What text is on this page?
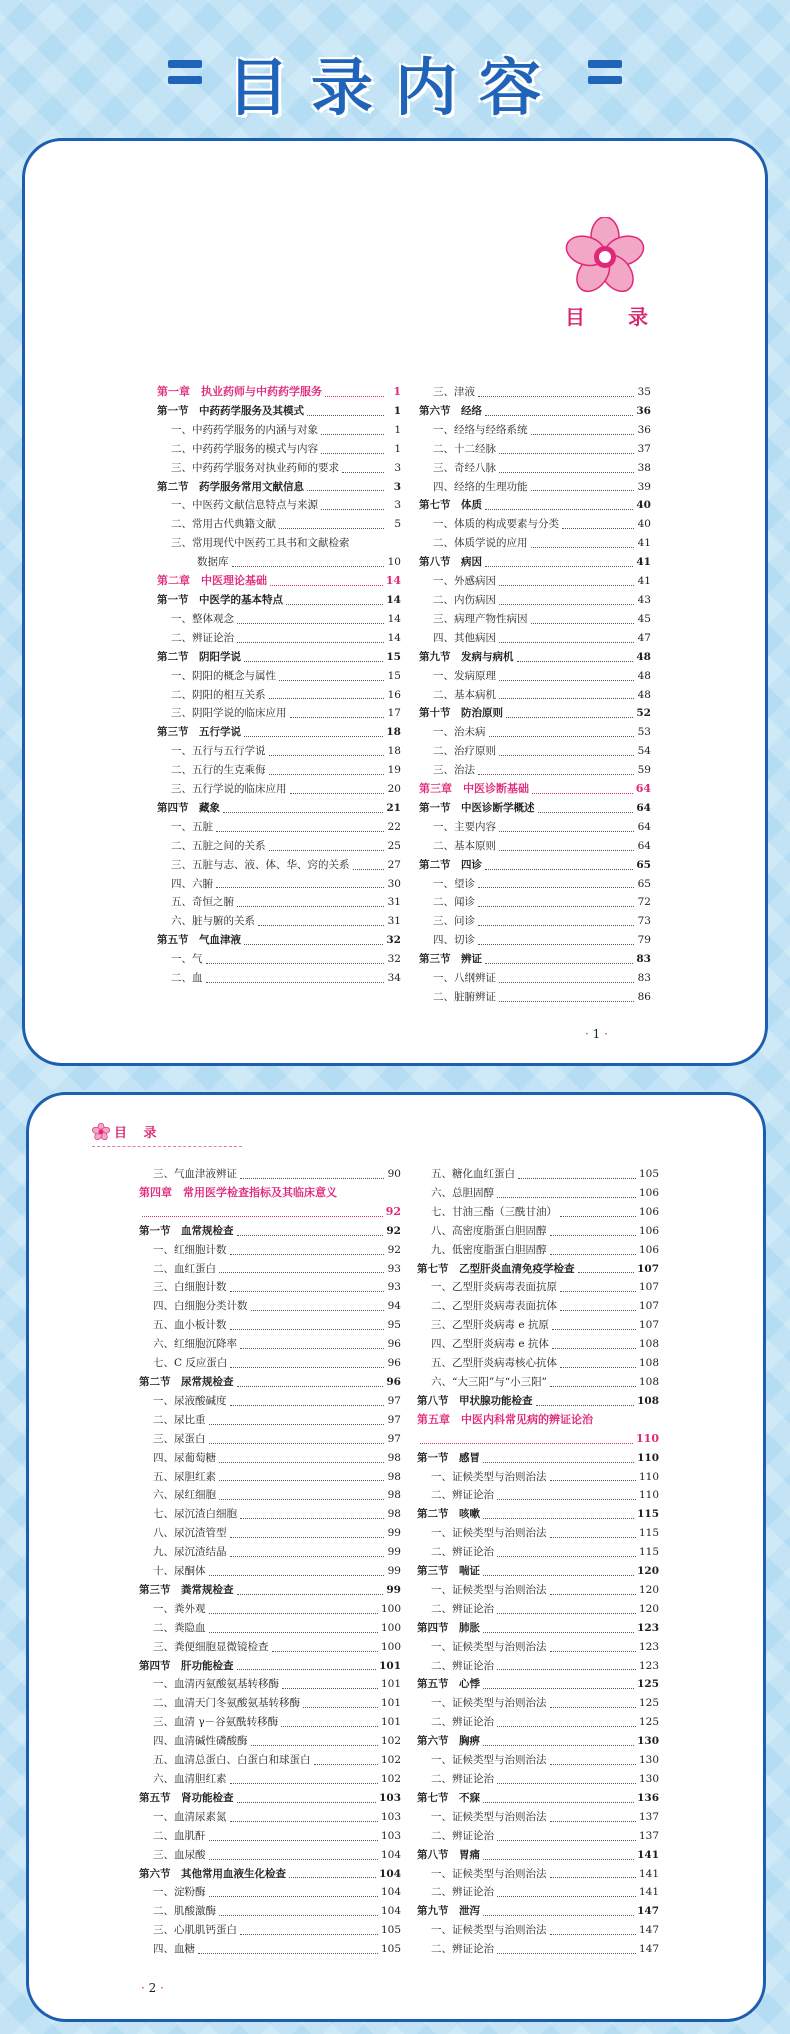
目录内容
目 录
第一章　执业药师与中药药学服务	1
第一节　中药药学服务及其模式	1
一、中药药学服务的内涵与对象	1
二、中药药学服务的模式与内容	1
三、中药药学服务对执业药师的要求	3
第二节　药学服务常用文献信息	3
一、中医药文献信息特点与来源	3
二、常用古代典籍文献	5
三、常用现代中医药工具书和文献检索
数据库	10
第二章　中医理论基础	14
第一节　中医学的基本特点	14
一、整体观念	14
二、辨证论治	14
第二节　阴阳学说	15
一、阴阳的概念与属性	15
二、阴阳的相互关系	16
三、阴阳学说的临床应用	17
第三节　五行学说	18
一、五行与五行学说	18
二、五行的生克乘侮	19
三、五行学说的临床应用	20
第四节　藏象	21
一、五脏	22
二、五脏之间的关系	25
三、五脏与志、液、体、华、窍的关系	27
四、六腑	30
五、奇恒之腑	31
六、脏与腑的关系	31
第五节　气血津液	32
一、气	32
二、血	34
三、津液	35
第六节　经络	36
一、经络与经络系统	36
二、十二经脉	37
三、奇经八脉	38
四、经络的生理功能	39
第七节　体质	40
一、体质的构成要素与分类	40
二、体质学说的应用	41
第八节　病因	41
一、外感病因	41
二、内伤病因	43
三、病理产物性病因	45
四、其他病因	47
第九节　发病与病机	48
一、发病原理	48
二、基本病机	48
第十节　防治原则	52
一、治未病	53
二、治疗原则	54
三、治法	59
第三章　中医诊断基础	64
第一节　中医诊断学概述	64
一、主要内容	64
二、基本原则	64
第二节　四诊	65
一、望诊	65
二、闻诊	72
三、问诊	73
四、切诊	79
第三节　辨证	83
一、八纲辨证	83
二、脏腑辨证	86
· 1 ·
三、气血津液辨证	90
第四章　常用医学检查指标及其临床意义
92
第一节　血常规检查	92
一、红细胞计数	92
二、血红蛋白	93
三、白细胞计数	93
四、白细胞分类计数	94
五、血小板计数	95
六、红细胞沉降率	96
七、C 反应蛋白	96
第二节　尿常规检查	96
一、尿液酸碱度	97
二、尿比重	97
三、尿蛋白	97
四、尿葡萄糖	98
五、尿胆红素	98
六、尿红细胞	98
七、尿沉渣白细胞	98
八、尿沉渣管型	99
九、尿沉渣结晶	99
十、尿酮体	99
第三节　粪常规检查	99
一、粪外观	100
二、粪隐血	100
三、粪便细胞显微镜检查	100
第四节　肝功能检查	101
一、血清丙氨酸氨基转移酶	101
二、血清天门冬氨酸氨基转移酶	101
三、血清 γ－谷氨酰转移酶	101
四、血清碱性磷酸酶	102
五、血清总蛋白、白蛋白和球蛋白	102
六、血清胆红素	102
第五节　肾功能检查	103
一、血清尿素氮	103
二、血肌酐	103
三、血尿酸	104
第六节　其他常用血液生化检查	104
一、淀粉酶	104
二、肌酸激酶	104
三、心肌肌钙蛋白	105
四、血糖	105
五、糖化血红蛋白	105
六、总胆固醇	106
七、甘油三酯（三酰甘油）	106
八、高密度脂蛋白胆固醇	106
九、低密度脂蛋白胆固醇	106
第七节　乙型肝炎血清免疫学检查	107
一、乙型肝炎病毒表面抗原	107
二、乙型肝炎病毒表面抗体	107
三、乙型肝炎病毒 e 抗原	107
四、乙型肝炎病毒 e 抗体	108
五、乙型肝炎病毒核心抗体	108
六、“大三阳”与“小三阳”	108
第八节　甲状腺功能检查	108
第五章　中医内科常见病的辨证论治
110
第一节　感冒	110
一、证候类型与治则治法	110
二、辨证论治	110
第二节　咳嗽	115
一、证候类型与治则治法	115
二、辨证论治	115
第三节　喘证	120
一、证候类型与治则治法	120
二、辨证论治	120
第四节　肺胀	123
一、证候类型与治则治法	123
二、辨证论治	123
第五节　心悸	125
一、证候类型与治则治法	125
二、辨证论治	125
第六节　胸痹	130
一、证候类型与治则治法	130
二、辨证论治	130
第七节　不寐	136
一、证候类型与治则治法	137
二、辨证论治	137
第八节　胃痛	141
一、证候类型与治则治法	141
二、辨证论治	141
第九节　泄泻	147
一、证候类型与治则治法	147
二、辨证论治	147
· 2 ·
目 录
